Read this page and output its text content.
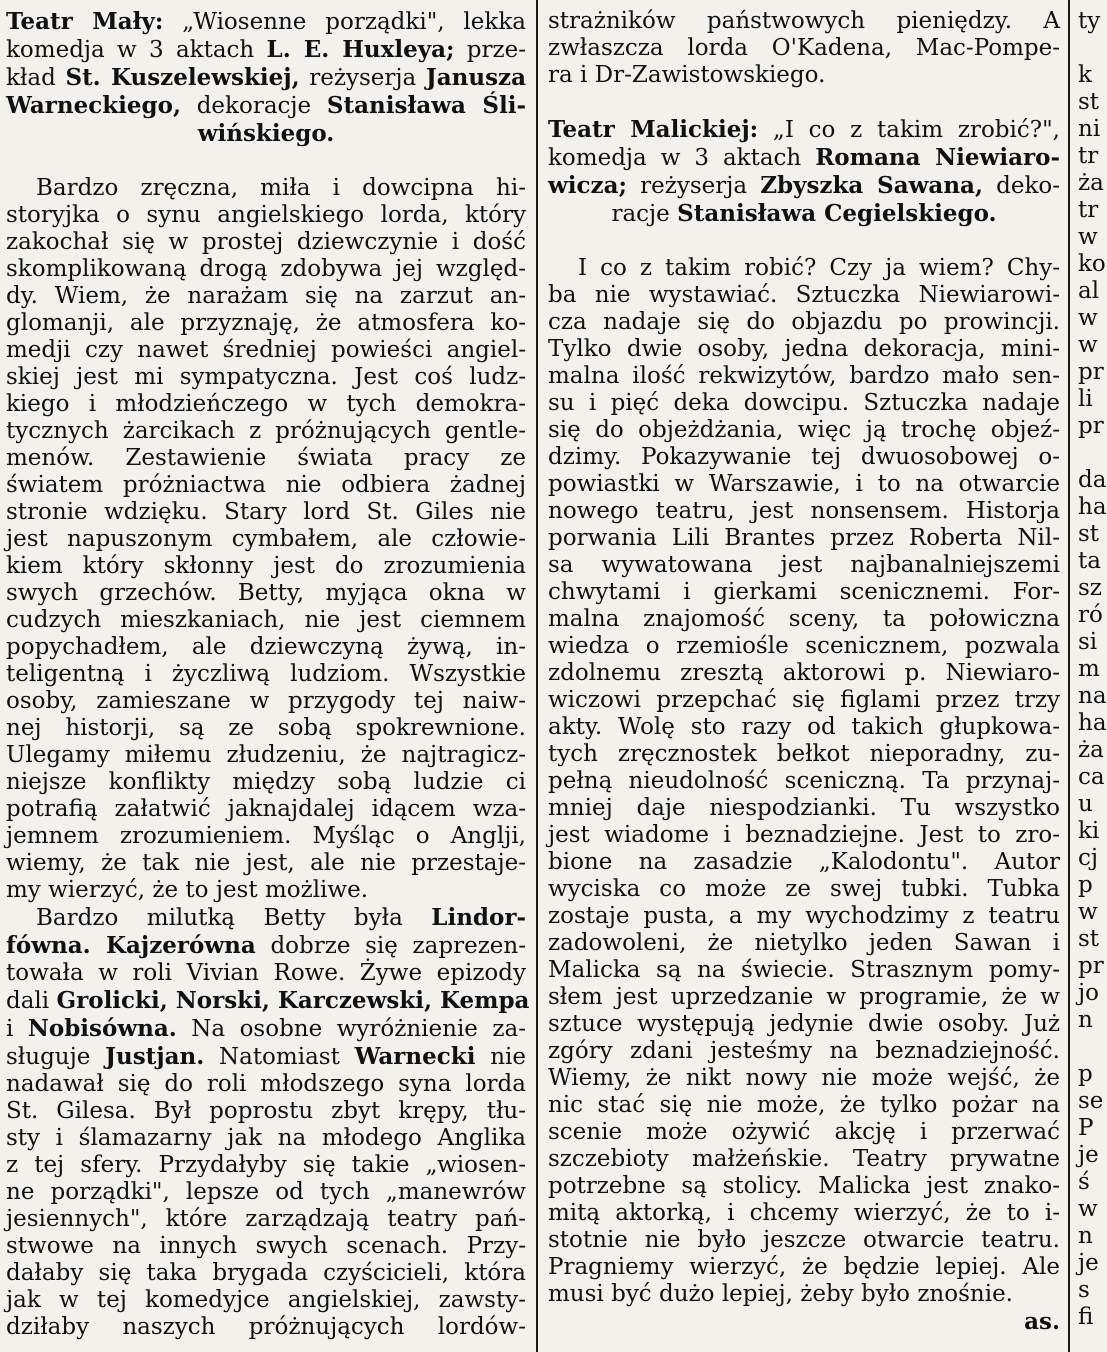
Teatr Mały: „Wiosenne porządki", lekka
komedja w 3 aktach L. E. Huxleya; prze-
kład St. Kuszelewskiej, reżyserja Janusza
Warneckiego, dekoracje Stanisława Śli-
wińskiego.
Bardzo zręczna, miła i dowcipna hi-
storyjka o synu angielskiego lorda, który
zakochał się w prostej dziewczynie i dość
skomplikowaną drogą zdobywa jej względ-
dy. Wiem, że narażam się na zarzut an-
glomanji, ale przyznaję, że atmosfera ko-
medji czy nawet średniej powieści angiel-
skiej jest mi sympatyczna. Jest coś ludz-
kiego i młodzieńczego w tych demokra-
tycznych żarcikach z próżnujących gentle-
menów. Zestawienie świata pracy ze
światem próżniactwa nie odbiera żadnej
stronie wdzięku. Stary lord St. Giles nie
jest napuszonym cymbałem, ale człowie-
kiem który skłonny jest do zrozumienia
swych grzechów. Betty, myjąca okna w
cudzych mieszkaniach, nie jest ciemnem
popychadłem, ale dziewczyną żywą, in-
teligentną i życzliwą ludziom. Wszystkie
osoby, zamieszane w przygody tej naiw-
nej historji, są ze sobą spokrewnione.
Ulegamy miłemu złudzeniu, że najtragicz-
niejsze konflikty między sobą ludzie ci
potrafią załatwić jaknajdalej idącem wza-
jemnem zrozumieniem. Myśląc o Anglji,
wiemy, że tak nie jest, ale nie przestaje-
my wierzyć, że to jest możliwe.
Bardzo milutką Betty była Lindor-
fówna. Kajzerówna dobrze się zaprezen-
towała w roli Vivian Rowe. Żywe epizody
dali Grolicki, Norski, Karczewski, Kempa
i Nobisówna. Na osobne wyróżnienie za-
sługuje Justjan. Natomiast Warnecki nie
nadawał się do roli młodszego syna lorda
St. Gilesa. Był poprostu zbyt krępy, tłu-
sty i ślamazarny jak na młodego Anglika
z tej sfery. Przydałyby się takie „wiosen-
ne porządki", lepsze od tych „manewrów
jesiennych", które zarządzają teatry pań-
stwowe na innych swych scenach. Przy-
dałaby się taka brygada czyścicieli, która
jak w tej komedyjce angielskiej, zawsty-
dziłaby naszych próżnujących lordów-
strażników państwowych pieniędzy. A
zwłaszcza lorda O'Kadena, Mac-Pompe-
ra i Dr-Zawistowskiego.
Teatr Malickiej: „I co z takim zrobić?",
komedja w 3 aktach Romana Niewiaro-
wicza; reżyserja Zbyszka Sawana, deko-
racje Stanisława Cegielskiego.
I co z takim robić? Czy ja wiem? Chy-
ba nie wystawiać. Sztuczka Niewiarowi-
cza nadaje się do objazdu po prowincji.
Tylko dwie osoby, jedna dekoracja, mini-
malna ilość rekwizytów, bardzo mało sen-
su i pięć deka dowcipu. Sztuczka nadaje
się do objeżdżania, więc ją trochę objeź-
dzimy. Pokazywanie tej dwuosobowej o-
powiastki w Warszawie, i to na otwarcie
nowego teatru, jest nonsensem. Historja
porwania Lili Brantes przez Roberta Nil-
sa wywatowana jest najbanalniejszemi
chwytami i gierkami scenicznemi. For-
malna znajomość sceny, ta połowiczna
wiedza o rzemiośle scenicznem, pozwala
zdolnemu zresztą aktorowi p. Niewiaro-
wiczowi przepchać się figlami przez trzy
akty. Wolę sto razy od takich głupkowa-
tych zręcznostek bełkot nieporadny, zu-
pełną nieudolność sceniczną. Ta przynaj-
mniej daje niespodzianki. Tu wszystko
jest wiadome i beznadziejne. Jest to zro-
bione na zasadzie „Kalodontu". Autor
wyciska co może ze swej tubki. Tubka
zostaje pusta, a my wychodzimy z teatru
zadowoleni, że nietylko jeden Sawan i
Malicka są na świecie. Strasznym pomy-
słem jest uprzedzanie w programie, że w
sztuce występują jedynie dwie osoby. Już
zgóry zdani jesteśmy na beznadziejność.
Wiemy, że nikt nowy nie może wejść, że
nic stać się nie może, że tylko pożar na
scenie może ożywić akcję i przerwać
szczebioty małżeńskie. Teatry prywatne
potrzebne są stolicy. Malicka jest znako-
mitą aktorką, i chcemy wierzyć, że to i-
stotnie nie było jeszcze otwarcie teatru.
Pragniemy wierzyć, że będzie lepiej. Ale
musi być dużo lepiej, żeby było znośnie.
as.
ty

k
st
ni
tr
ża
tr
w
ko
al
w
w
pr
li
pr

da
ha
st
ta
sz
ró
si
m
na
ha
ża
ca
u
ki
cj
p
w
st
pr
jo
n

p
se
P
je
ś
w
n
je
s
fi
